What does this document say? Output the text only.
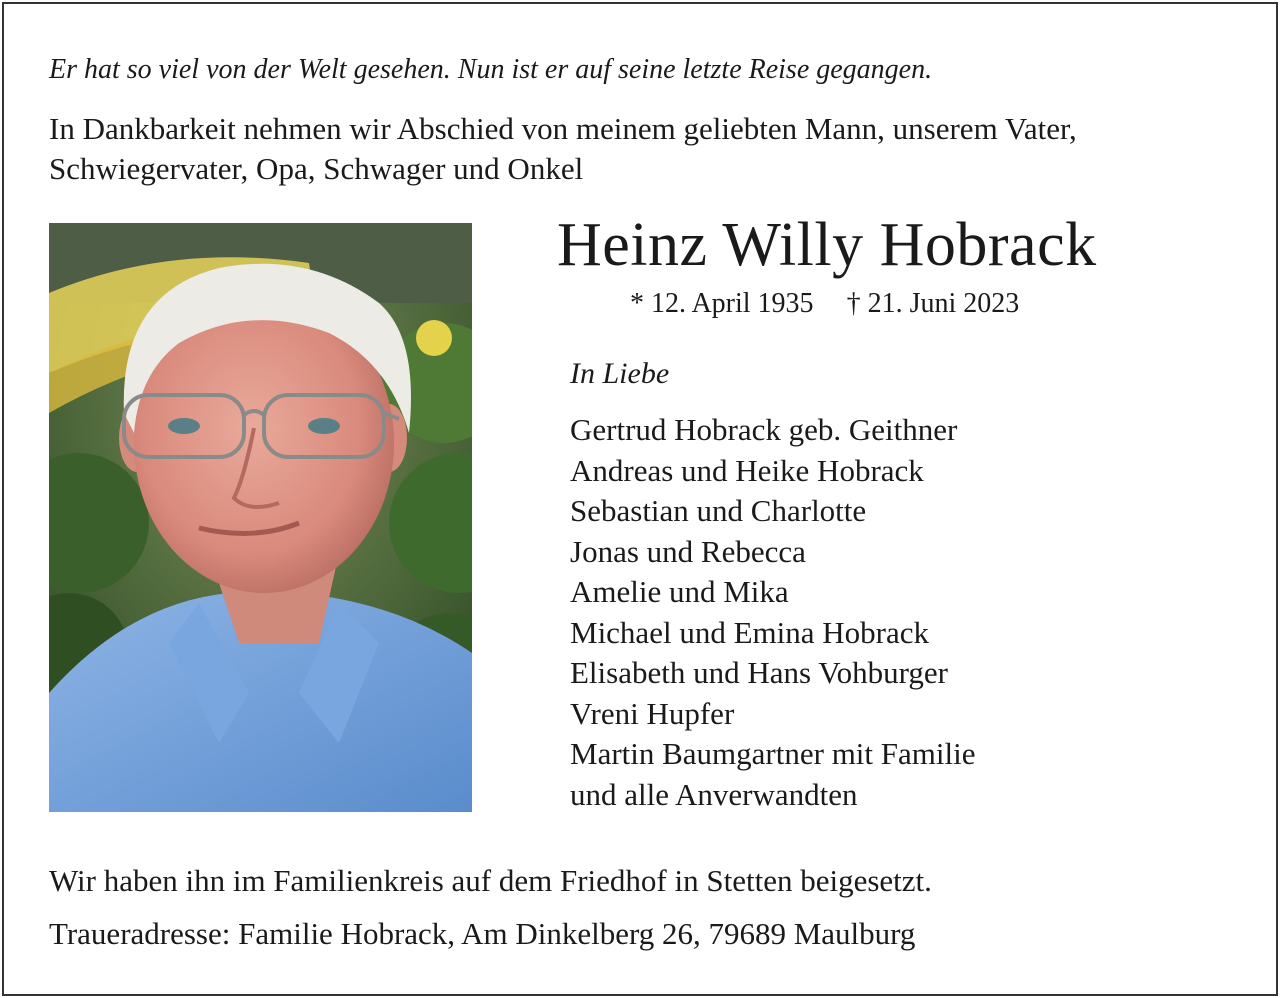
Er hat so viel von der Welt gesehen. Nun ist er auf seine letzte Reise gegangen.
In Dankbarkeit nehmen wir Abschied von meinem geliebten Mann, unserem Vater,
Schwiegervater, Opa, Schwager und Onkel
Heinz Willy Hobrack
* 12. April 1935 † 21. Juni 2023
In Liebe
Gertrud Hobrack geb. Geithner
Andreas und Heike Hobrack
Sebastian und Charlotte
Jonas und Rebecca
Amelie und Mika
Michael und Emina Hobrack
Elisabeth und Hans Vohburger
Vreni Hupfer
Martin Baumgartner mit Familie
und alle Anverwandten
Wir haben ihn im Familienkreis auf dem Friedhof in Stetten beigesetzt.
Traueradresse: Familie Hobrack, Am Dinkelberg 26, 79689 Maulburg
